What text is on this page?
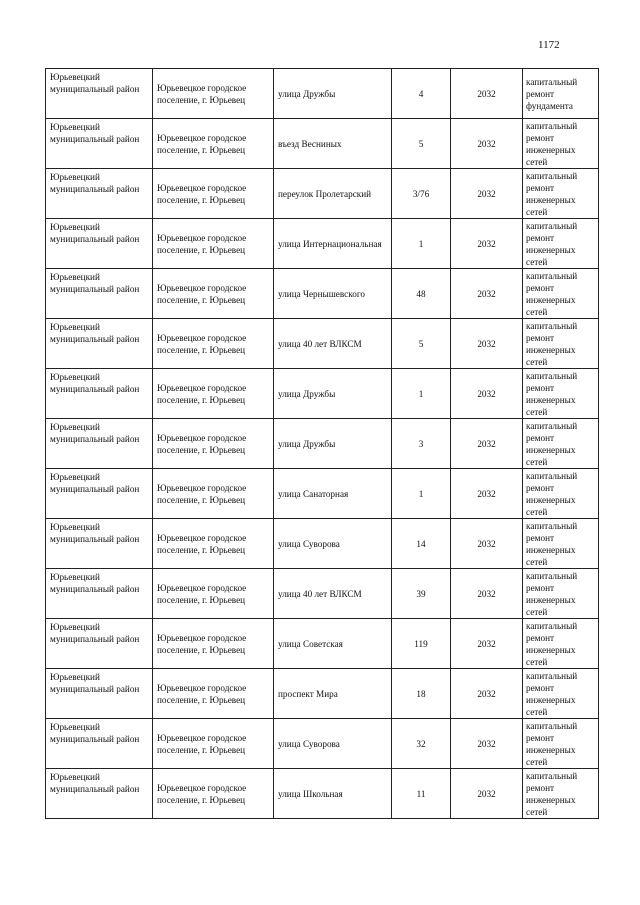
1172
Юрьевецкий муниципальный район	Юрьевецкое городское поселение, г. Юрьевец	улица Дружбы	4	2032	капитальный ремонт фундамента
Юрьевецкий муниципальный район	Юрьевецкое городское поселение, г. Юрьевец	въезд Весниных	5	2032	капитальный ремонт инженерных сетей
Юрьевецкий муниципальный район	Юрьевецкое городское поселение, г. Юрьевец	переулок Пролетарский	3/76	2032	капитальный ремонт инженерных сетей
Юрьевецкий муниципальный район	Юрьевецкое городское поселение, г. Юрьевец	улица Интернациональная	1	2032	капитальный ремонт инженерных сетей
Юрьевецкий муниципальный район	Юрьевецкое городское поселение, г. Юрьевец	улица Чернышевского	48	2032	капитальный ремонт инженерных сетей
Юрьевецкий муниципальный район	Юрьевецкое городское поселение, г. Юрьевец	улица 40 лет ВЛКСМ	5	2032	капитальный ремонт инженерных сетей
Юрьевецкий муниципальный район	Юрьевецкое городское поселение, г. Юрьевец	улица Дружбы	1	2032	капитальный ремонт инженерных сетей
Юрьевецкий муниципальный район	Юрьевецкое городское поселение, г. Юрьевец	улица Дружбы	3	2032	капитальный ремонт инженерных сетей
Юрьевецкий муниципальный район	Юрьевецкое городское поселение, г. Юрьевец	улица Санаторная	1	2032	капитальный ремонт инженерных сетей
Юрьевецкий муниципальный район	Юрьевецкое городское поселение, г. Юрьевец	улица Суворова	14	2032	капитальный ремонт инженерных сетей
Юрьевецкий муниципальный район	Юрьевецкое городское поселение, г. Юрьевец	улица 40 лет ВЛКСМ	39	2032	капитальный ремонт инженерных сетей
Юрьевецкий муниципальный район	Юрьевецкое городское поселение, г. Юрьевец	улица Советская	119	2032	капитальный ремонт инженерных сетей
Юрьевецкий муниципальный район	Юрьевецкое городское поселение, г. Юрьевец	проспект Мира	18	2032	капитальный ремонт инженерных сетей
Юрьевецкий муниципальный район	Юрьевецкое городское поселение, г. Юрьевец	улица Суворова	32	2032	капитальный ремонт инженерных сетей
Юрьевецкий муниципальный район	Юрьевецкое городское поселение, г. Юрьевец	улица Школьная	11	2032	капитальный ремонт инженерных сетей
